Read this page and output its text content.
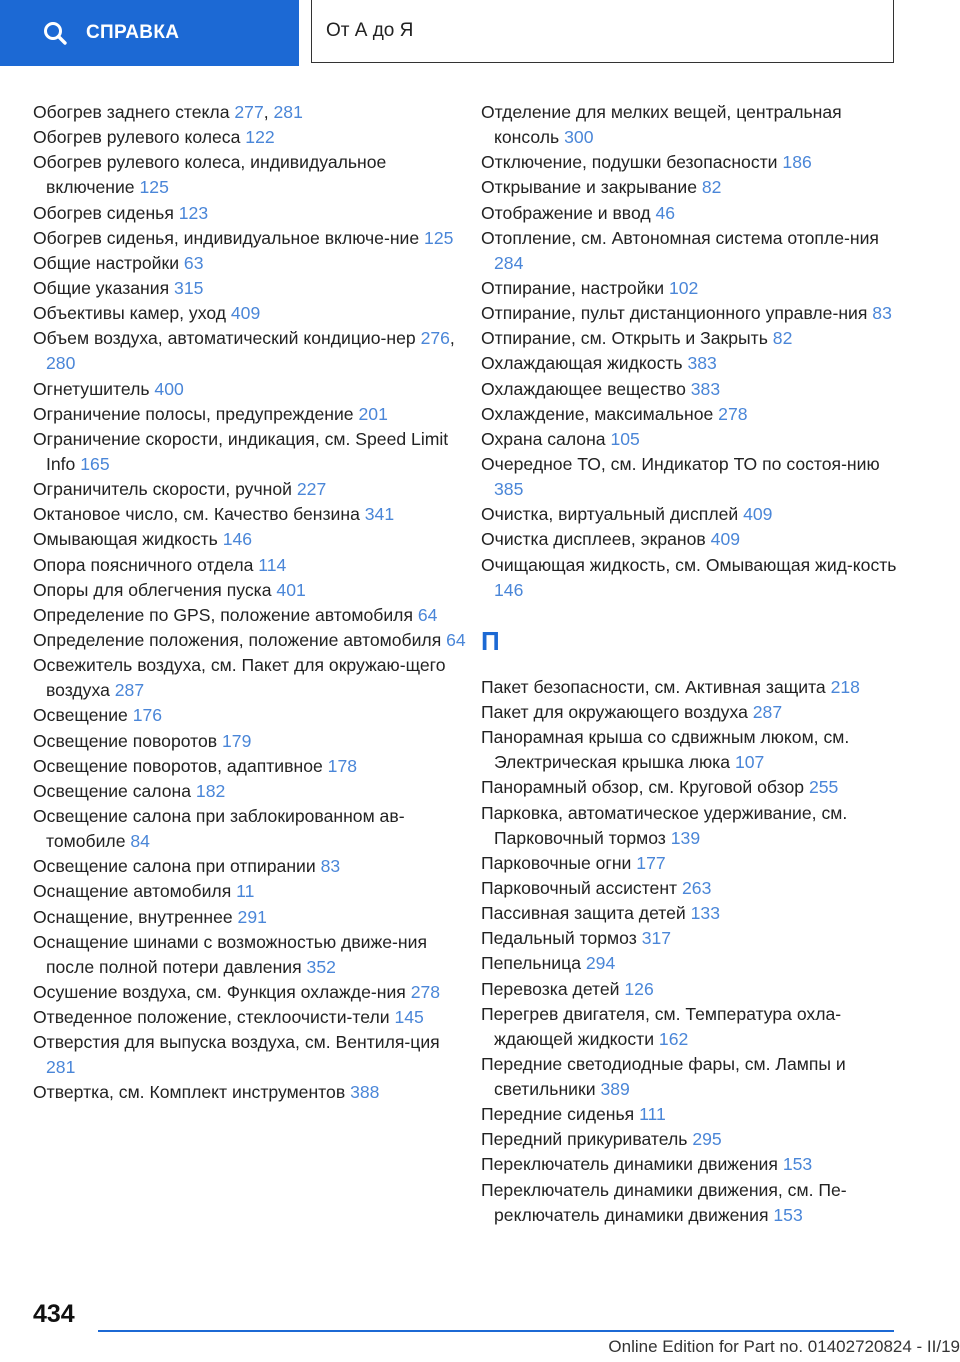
СПРАВКА	От А до Я
Обогрев заднего стекла 277, 281
Обогрев рулевого колеса 122
Обогрев рулевого колеса, индивидуальное включение 125
Обогрев сиденья 123
Обогрев сиденья, индивидуальное включе‐ние 125
Общие настройки 63
Общие указания 315
Объективы камер, уход 409
Объем воздуха, автоматический кондицио‐нер 276, 280
Огнетушитель 400
Ограничение полосы, предупреждение 201
Ограничение скорости, индикация, см. Speed Limit Info 165
Ограничитель скорости, ручной 227
Октановое число, см. Качество бензина 341
Омывающая жидкость 146
Опора поясничного отдела 114
Опоры для облегчения пуска 401
Определение по GPS, положение автомобиля 64
Определение положения, положение автомобиля 64
Освежитель воздуха, см. Пакет для окружаю‐щего воздуха 287
Освещение 176
Освещение поворотов 179
Освещение поворотов, адаптивное 178
Освещение салона 182
Освещение салона при заблокированном ав‐томобиле 84
Освещение салона при отпирании 83
Оснащение автомобиля 11
Оснащение, внутреннее 291
Оснащение шинами с возможностью движе‐ния после полной потери давления 352
Осушение воздуха, см. Функция охлажде‐ния 278
Отведенное положение, стеклоочисти‐тели 145
Отверстия для выпуска воздуха, см. Вентиля‐ция 281
Отвертка, см. Комплект инструментов 388
Отделение для мелких вещей, центральная консоль 300
Отключение, подушки безопасности 186
Открывание и закрывание 82
Отображение и ввод 46
Отопление, см. Автономная система отопле‐ния 284
Отпирание, настройки 102
Отпирание, пульт дистанционного управле‐ния 83
Отпирание, см. Открыть и Закрыть 82
Охлаждающая жидкость 383
Охлаждающее вещество 383
Охлаждение, максимальное 278
Охрана салона 105
Очередное ТО, см. Индикатор ТО по состоя‐нию 385
Очистка, виртуальный дисплей 409
Очистка дисплеев, экранов 409
Очищающая жидкость, см. Омывающая жид‐кость 146
П
Пакет безопасности, см. Активная защита 218
Пакет для окружающего воздуха 287
Панорамная крыша со сдвижным люком, см. Электрическая крышка люка 107
Панорамный обзор, см. Круговой обзор 255
Парковка, автоматическое удерживание, см. Парковочный тормоз 139
Парковочные огни 177
Парковочный ассистент 263
Пассивная защита детей 133
Педальный тормоз 317
Пепельница 294
Перевозка детей 126
Перегрев двигателя, см. Температура охла‐ждающей жидкости 162
Передние светодиодные фары, см. Лампы и светильники 389
Передние сиденья 111
Передний прикуриватель 295
Переключатель динамики движения 153
Переключатель динамики движения, см. Пе‐реключатель динамики движения 153
434
Online Edition for Part no. 01402720824 - II/19
